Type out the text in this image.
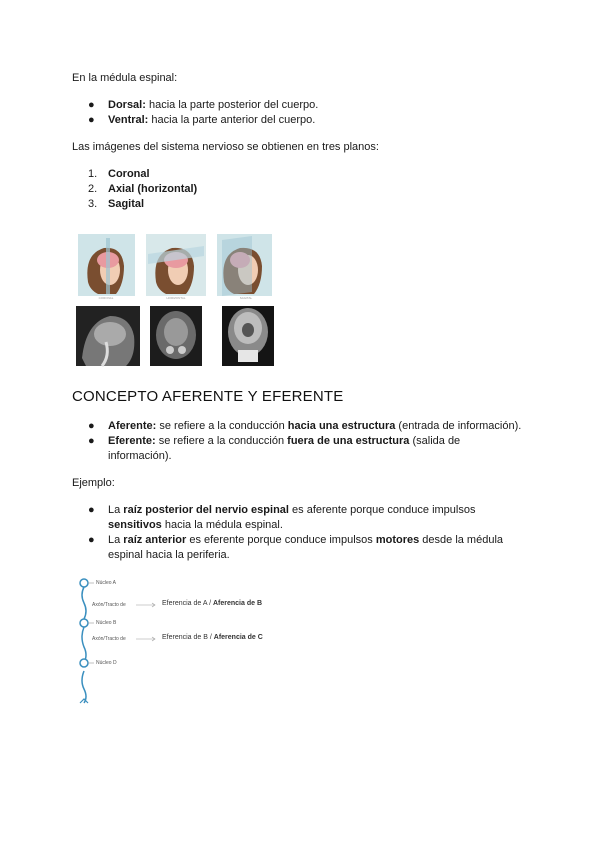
En la médula espinal:
● Dorsal: hacia la parte posterior del cuerpo.
● Ventral: hacia la parte anterior del cuerpo.
Las imágenes del sistema nervioso se obtienen en tres planos:
1. Coronal
2. Axial (horizontal)
3. Sagital
CORONAL	HORIZONTAL	SAGITAL
CONCEPTO AFERENTE Y EFERENTE
● Aferente: se refiere a la conducción hacia una estructura (entrada de información).
● Eferente: se refiere a la conducción fuera de una estructura (salida de
información).
Ejemplo:
● La raíz posterior del nervio espinal es aferente porque conduce impulsos
sensitivos hacia la médula espinal.
● La raíz anterior es eferente porque conduce impulsos motores desde la médula
espinal hacia la periferia.
Núcleo A
Núcleo B
Núcleo D
Axón/Tracto de
Axón/Tracto de
Eferencia de A / Aferencia de B
Eferencia de B / Aferencia de C
